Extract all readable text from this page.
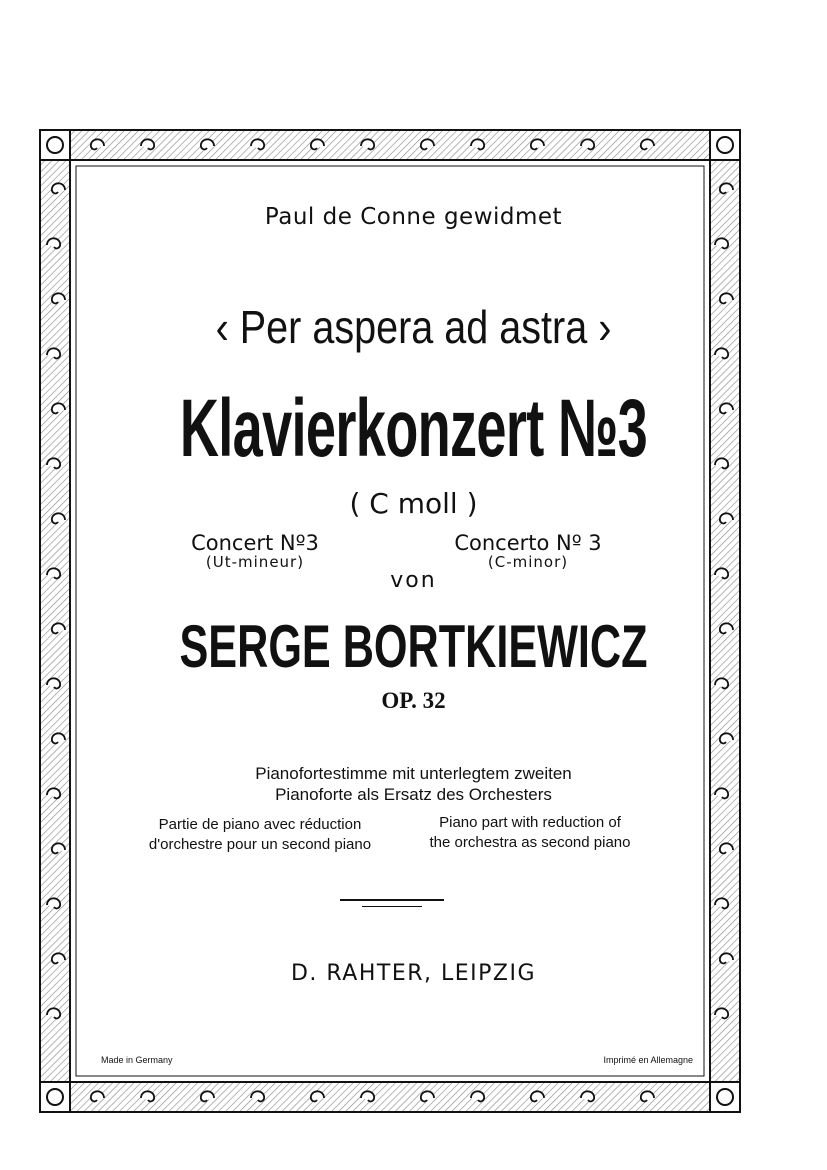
Paul de Conne gewidmet
‹ Per aspera ad astra ›
Klavierkonzert №3
( C moll )
Concert Nº3
(Ut-mineur)
Concerto Nº 3
(C-minor)
von
SERGE BORTKIEWICZ
OP. 32
Pianofortestimme mit unterlegtem zweiten
Pianoforte als Ersatz des Orchesters
Partie de piano avec réduction
d'orchestre pour un second piano
Piano part with reduction of
the orchestra as second piano
D. RAHTER, LEIPZIG
Made in Germany	Imprimé en Allemagne
